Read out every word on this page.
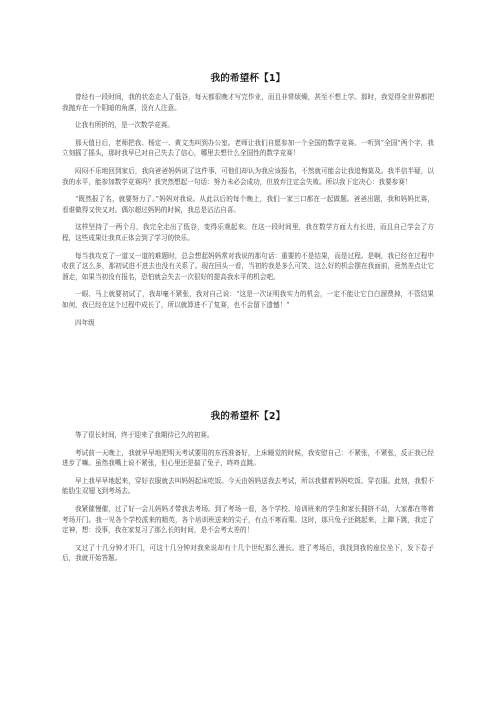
我的希望杯【1】

曾经有一段时间，我的状态走入了低谷，每天都很晚才写完作业，而且非常烦燥，甚至不想上学。那时，我觉得全世界都把我抛弃在一个阴暗的角落，没有人注意。

让我有所折的，是一次数学竞赛。

那天值日后，老师把我、杨定一、黄文杰叫到办公室。老师让我们自愿参加一个全国的数学竞赛。一听到“全国”两个字，我立刻摇了摇头，那时我早已对自己失去了信心，哪里去想什么全国性的数学竞赛！

闷闷不乐地回到家后，我向爸爸妈妈说了这件事，可他们却认为我应该报名，不然就可能会让我追悔莫及。我半信半疑，以我的水平，能参加数学竞赛吗？我突然想起一句话：努力未必会成功，但放弃注定会失败。所以我下定决心：我要参赛！

“既然报了名，就要努力了。”妈妈对我说。从此以后的每个晚上，我们一家三口都在一起做题。爸爸出题，我和妈妈比赛，看谁做得又快又对。偶尔超过妈妈的时候，我总是沾沾自喜。

这样坚持了一两个月，我完全走出了低谷，变得乐观起来。在这一段时间里，我在数学方面大有长进，而且自己学会了方程，这些成果让我真正体会到了学习的快乐。

每当我攻克了一道又一道的难题时，总会想起妈妈常对我说的那句话：重要的不是结果，而是过程。是啊，我已经在过程中收获了这么多，那初试进不进去也没有关系了。现在回头一看，当初的我是多么可笑，这么好的机会摆在我面前，竟然差点让它溜走，如果当初没有报名，恐怕就会失去一次很好的提高我水平的机会吧。

一眼、马上就要初试了，我却毫不紧张，我对自己说：“这是一次证明我实力的机会，一定不能让它白白溜费掉，不管结果如何，我已经在这个过程中成长了，所以就算进不了复赛，也不会留下遗憾！”

四年级

我的希望杯【2】

等了很长时间，终于迎来了我期待已久的初赛。

考试前一天晚上，我就早早地把明天考试要用的东西准备好，上床睡觉的时候，我安慰自己：不紧张，不紧张，反正我已经进步了嘛。虽然我嘴上说不紧张，但心里还是揣了兔子，咚咚直跳。

早上我早早地起来，穿好衣服就去叫妈妈起床吃饭。今天由妈妈送我去考试，所以我催着妈妈吃饭、穿衣服。此刻，我恨不能肋生双翅飞到考场去。

我紧催慢催，过了好一会儿妈妈才带我去考场。到了考场一看，各个学校、培训班来的学生和家长拥挤不动，大家都在等着考场开门。我一见各个学校派来的精英，各个培训班送来的尖子，有点不寒而栗。这时，那只兔子还跳起来，上蹿下跳，我定了定神，想：没事，我在家复习了那么长的时间，是不会考太差的！

又过了十几分钟才开门，可这十几分钟对我来说却有十几个世纪那么漫长。进了考场后，我找到我的座位坐下，发下卷子后，我就开始答题。
